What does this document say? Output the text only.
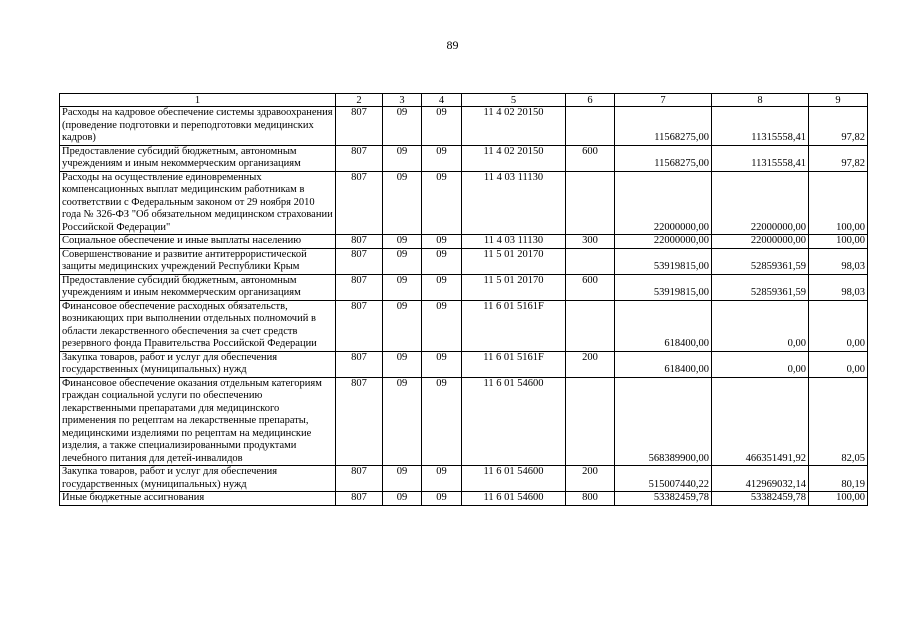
89
1	2	3	4	5	6	7	8	9
Расходы на кадровое обеспечение системы здравоохранения (проведение подготовки и переподготовки медицинских кадров)	807	09	09	11 4 02 20150		11568275,00	11315558,41	97,82
Предоставление субсидий бюджетным, автономным учреждениям и иным некоммерческим организациям	807	09	09	11 4 02 20150	600	11568275,00	11315558,41	97,82
Расходы на осуществление единовременных компенсационных выплат медицинским работникам в соответствии с Федеральным законом от 29 ноября 2010 года № 326-ФЗ "Об обязательном медицинском страховании Российской Федерации"	807	09	09	11 4 03 11130		22000000,00	22000000,00	100,00
Социальное обеспечение и иные выплаты населению	807	09	09	11 4 03 11130	300	22000000,00	22000000,00	100,00
Совершенствование и развитие антитеррористической защиты медицинских учреждений Республики Крым	807	09	09	11 5 01 20170		53919815,00	52859361,59	98,03
Предоставление субсидий бюджетным, автономным учреждениям и иным некоммерческим организациям	807	09	09	11 5 01 20170	600	53919815,00	52859361,59	98,03
Финансовое обеспечение расходных обязательств, возникающих при выполнении отдельных полномочий в области лекарственного обеспечения за счет средств резервного фонда Правительства Российской Федерации	807	09	09	11 6 01 5161F		618400,00	0,00	0,00
Закупка товаров, работ и услуг для обеспечения государственных (муниципальных) нужд	807	09	09	11 6 01 5161F	200	618400,00	0,00	0,00
Финансовое обеспечение оказания отдельным категориям граждан социальной услуги по обеспечению лекарственными препаратами для медицинского применения по рецептам на лекарственные препараты, медицинскими изделиями по рецептам на медицинские изделия, а также специализированными продуктами лечебного питания для детей-инвалидов	807	09	09	11 6 01 54600		568389900,00	466351491,92	82,05
Закупка товаров, работ и услуг для обеспечения государственных (муниципальных) нужд	807	09	09	11 6 01 54600	200	515007440,22	412969032,14	80,19
Иные бюджетные ассигнования	807	09	09	11 6 01 54600	800	53382459,78	53382459,78	100,00
